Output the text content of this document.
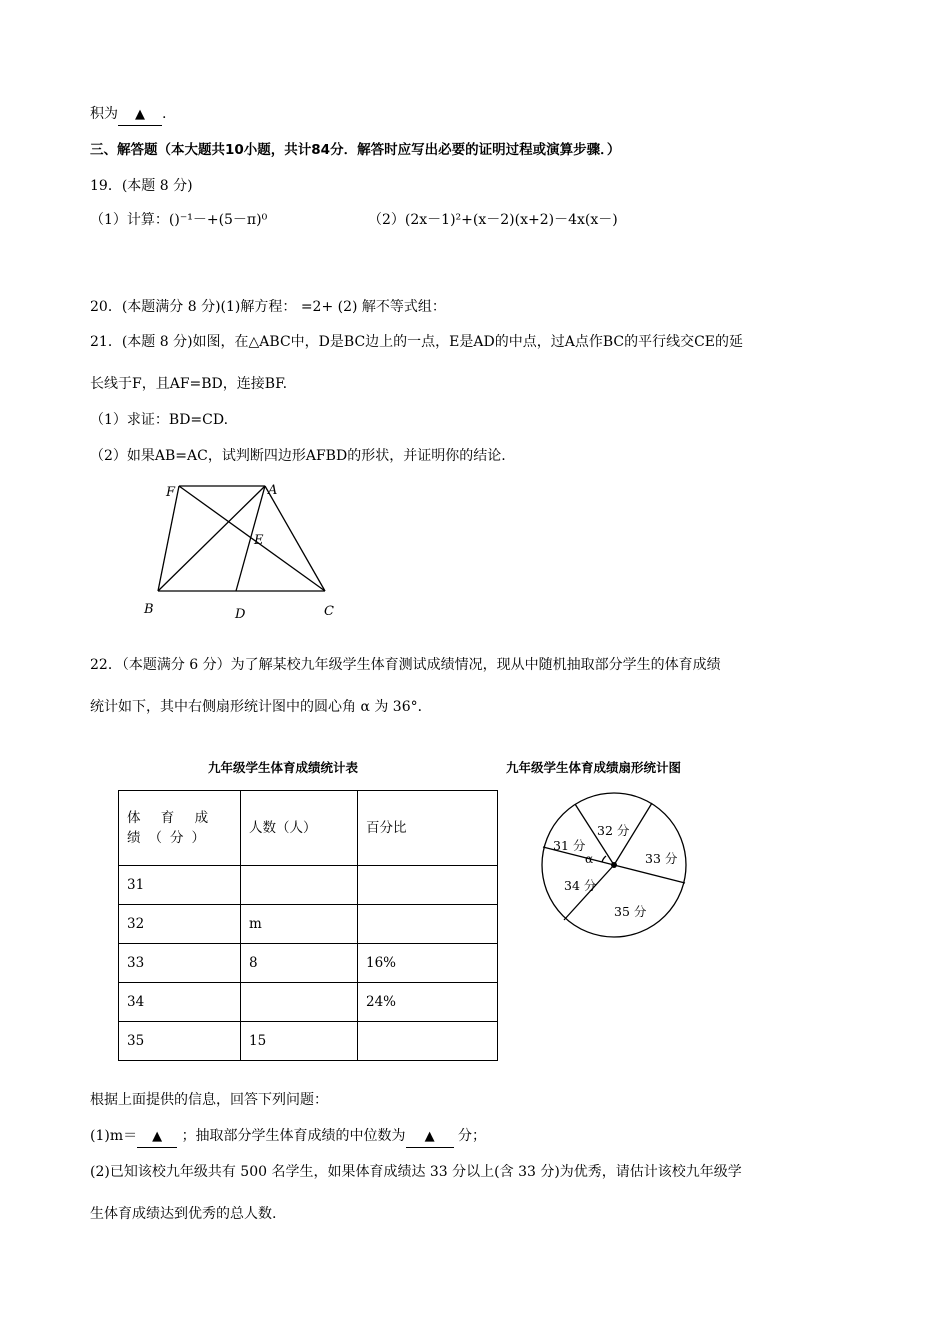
积为 ▲ .
三、解答题（本大题共10小题，共计84分．解答时应写出必要的证明过程或演算步骤．）
19．(本题 8 分)
（1）计算：()⁻¹－+(5－π)⁰	（2）(2x－1)²+(x－2)(x+2)－4x(x－)
20．(本题满分 8 分)(1)解方程： =2+ (2) 解不等式组：
21．(本题 8 分)如图，在△ABC中，D是BC边上的一点，E是AD的中点，过A点作BC的平行线交CE的延
长线于F，且AF=BD，连接BF.
（1）求证：BD=CD.
（2）如果AB=AC，试判断四边形AFBD的形状，并证明你的结论.
F	A
E
B	D	C
22．（本题满分 6 分）为了解某校九年级学生体育测试成绩情况，现从中随机抽取部分学生的体育成绩
统计如下，其中右侧扇形统计图中的圆心角 α 为 36°．
九年级学生体育成绩统计表
体 育 成 绩（分）	人数（人）	百分比
31		
32	m	
33	8	16%
34		24%
35	15	
九年级学生体育成绩扇形统计图
31 分
32 分
33 分
34 分
35 分
α
根据上面提供的信息，回答下列问题：
(1)m＝ ▲ ；抽取部分学生体育成绩的中位数为 ▲ 分；
(2)已知该校九年级共有 500 名学生，如果体育成绩达 33 分以上(含 33 分)为优秀，请估计该校九年级学
生体育成绩达到优秀的总人数.
